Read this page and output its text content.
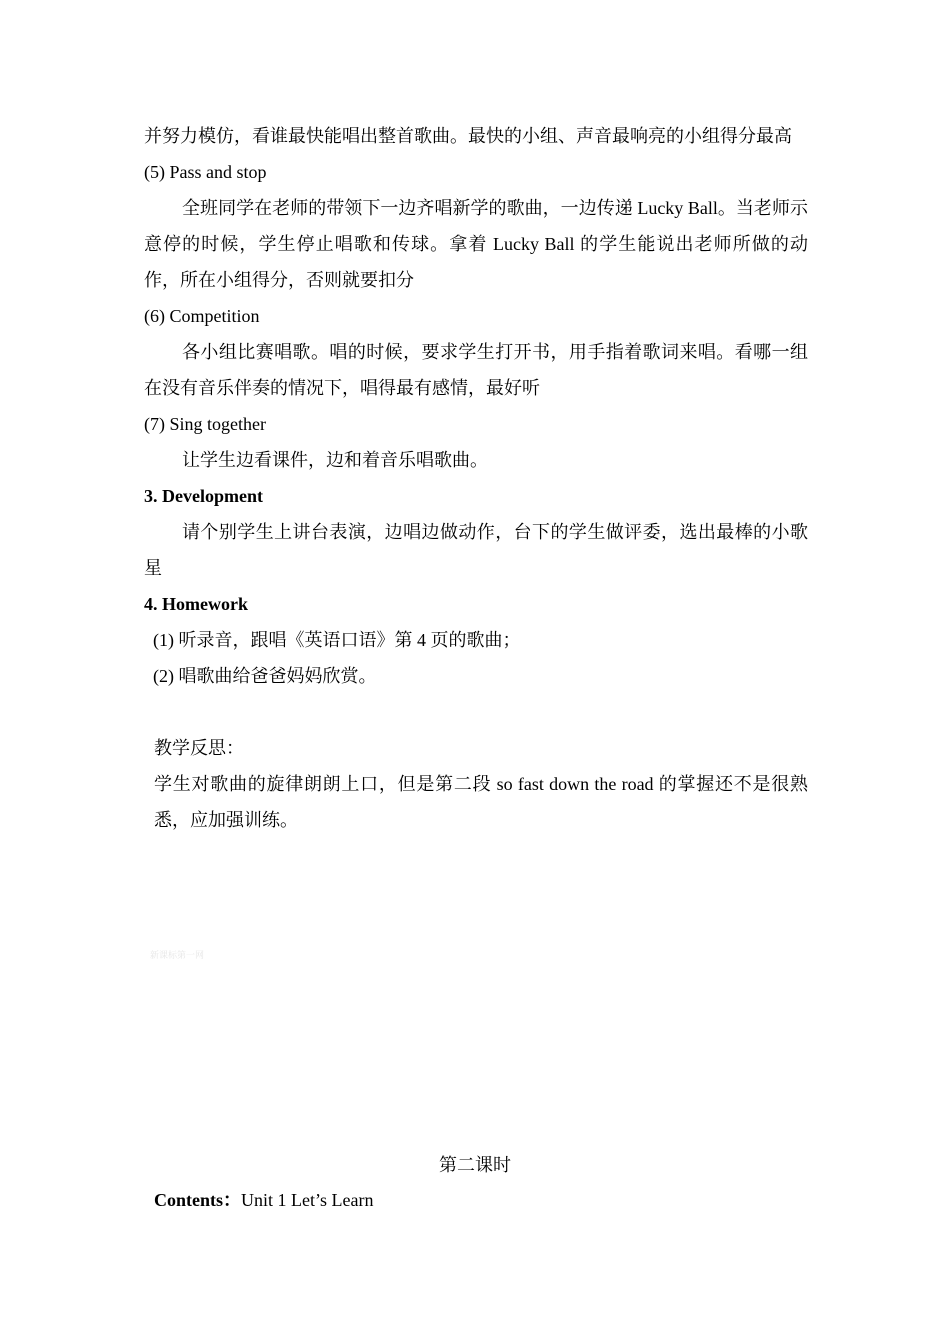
并努力模仿，看谁最快能唱出整首歌曲。最快的小组、声音最响亮的小组得分最高

(5) Pass and stop

全班同学在老师的带领下一边齐唱新学的歌曲，一边传递 Lucky Ball。当老师示意停的时候，学生停止唱歌和传球。拿着 Lucky Ball 的学生能说出老师所做的动作，所在小组得分，否则就要扣分

(6) Competition

各小组比赛唱歌。唱的时候，要求学生打开书，用手指着歌词来唱。看哪一组在没有音乐伴奏的情况下，唱得最有感情，最好听

(7) Sing together

让学生边看课件，边和着音乐唱歌曲。

3. Development

请个别学生上讲台表演，边唱边做动作，台下的学生做评委，选出最棒的小歌星

4. Homework

(1) 听录音，跟唱《英语口语》第 4 页的歌曲；

(2) 唱歌曲给爸爸妈妈欣赏。

教学反思：

学生对歌曲的旋律朗朗上口，但是第二段 so fast down the road 的掌握还不是很熟悉，应加强训练。

新课标第一网
第二课时
Contents：Unit 1 Let’s Learn
